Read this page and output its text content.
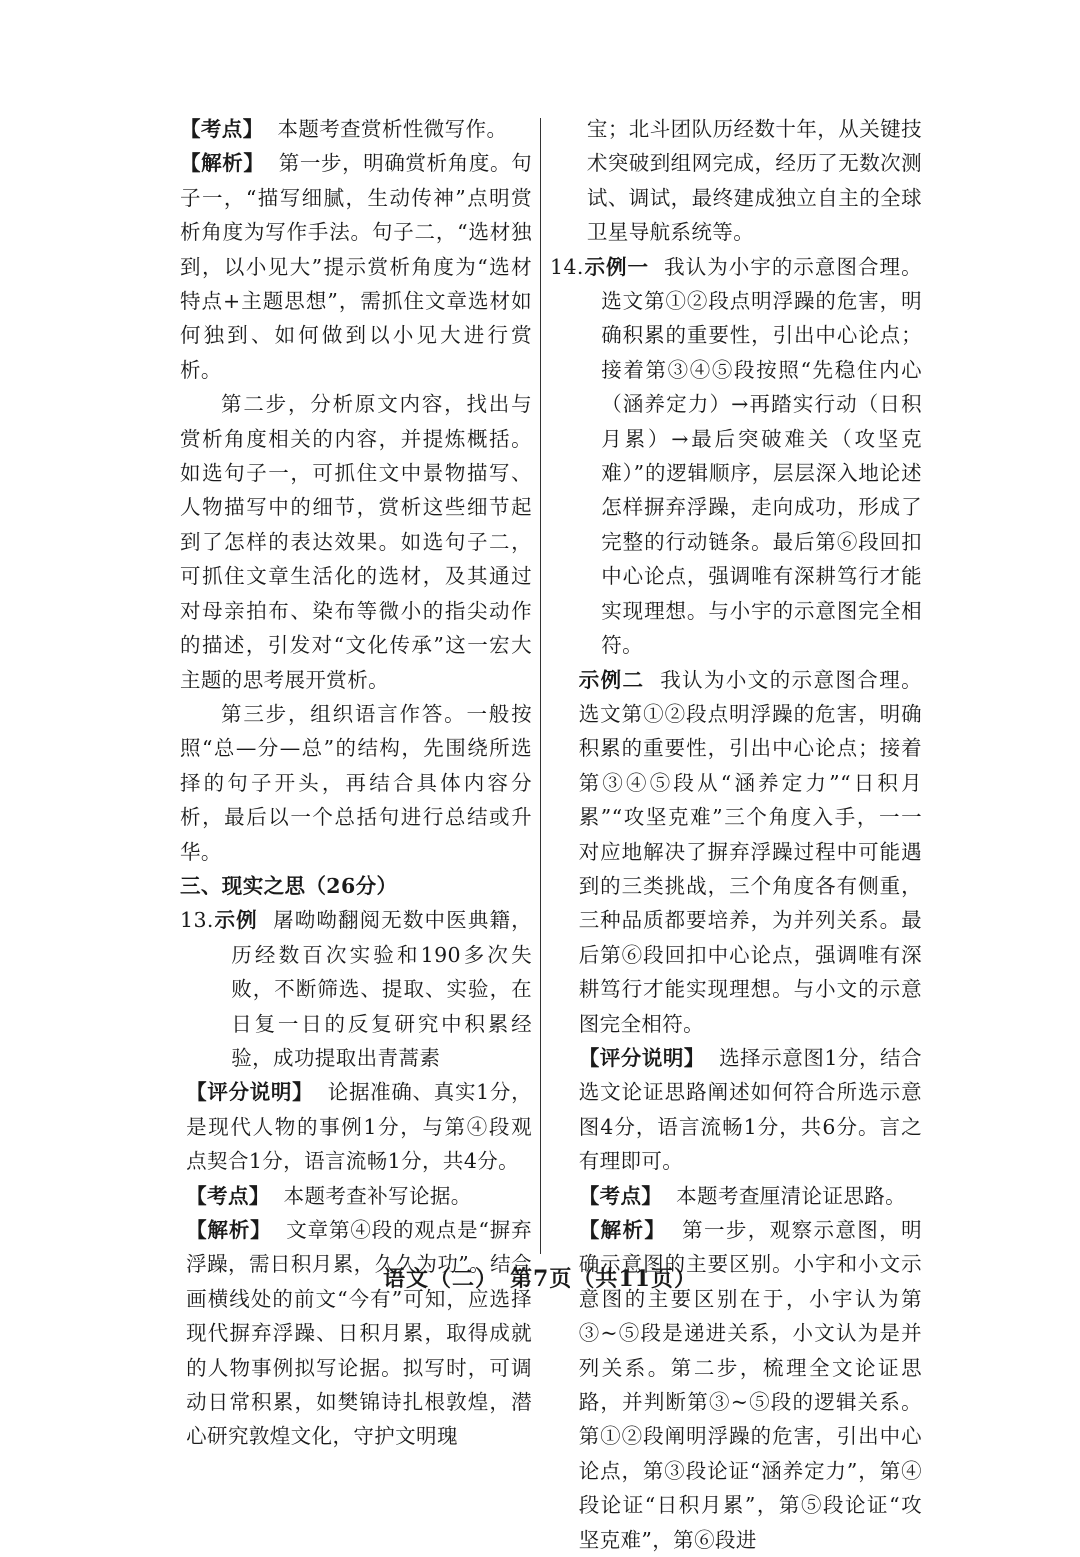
【考点】 本题考查赏析性微写作。

【解析】 第一步，明确赏析角度。句子一，“描写细腻，生动传神”点明赏析角度为写作手法。句子二，“选材独到，以小见大”提示赏析角度为“选材特点+主题思想”，需抓住文章选材如何独到、如何做到以小见大进行赏析。

第二步，分析原文内容，找出与赏析角度相关的内容，并提炼概括。如选句子一，可抓住文中景物描写、人物描写中的细节，赏析这些细节起到了怎样的表达效果。如选句子二，可抓住文章生活化的选材，及其通过对母亲拍布、染布等微小的指尖动作的描述，引发对“文化传承”这一宏大主题的思考展开赏析。

第三步，组织语言作答。一般按照“总—分—总”的结构，先围绕所选择的句子开头，再结合具体内容分析，最后以一个总括句进行总结或升华。

三、现实之思（26分）

13.示例 屠呦呦翻阅无数中医典籍，历经数百次实验和190多次失败，不断筛选、提取、实验，在日复一日的反复研究中积累经验，成功提取出青蒿素

【评分说明】 论据准确、真实1分，是现代人物的事例1分，与第④段观点契合1分，语言流畅1分，共4分。

【考点】 本题考查补写论据。

【解析】 文章第④段的观点是“摒弃浮躁，需日积月累，久久为功”。结合画横线处的前文“今有”可知，应选择现代摒弃浮躁、日积月累，取得成就的人物事例拟写论据。拟写时，可调动日常积累，如樊锦诗扎根敦煌，潜心研究敦煌文化，守护文明瑰

宝；北斗团队历经数十年，从关键技术突破到组网完成，经历了无数次测试、调试，最终建成独立自主的全球卫星导航系统等。

14.示例一 我认为小宇的示意图合理。选文第①②段点明浮躁的危害，明确积累的重要性，引出中心论点；接着第③④⑤段按照“先稳住内心（涵养定力）→再踏实行动（日积月累）→最后突破难关（攻坚克难）”的逻辑顺序，层层深入地论述怎样摒弃浮躁，走向成功，形成了完整的行动链条。最后第⑥段回扣中心论点，强调唯有深耕笃行才能实现理想。与小宇的示意图完全相符。

示例二 我认为小文的示意图合理。选文第①②段点明浮躁的危害，明确积累的重要性，引出中心论点；接着第③④⑤段从“涵养定力”“日积月累”“攻坚克难”三个角度入手，一一对应地解决了摒弃浮躁过程中可能遇到的三类挑战，三个角度各有侧重，三种品质都要培养，为并列关系。最后第⑥段回扣中心论点，强调唯有深耕笃行才能实现理想。与小文的示意图完全相符。

【评分说明】 选择示意图1分，结合选文论证思路阐述如何符合所选示意图4分，语言流畅1分，共6分。言之有理即可。

【考点】 本题考查厘清论证思路。

【解析】 第一步，观察示意图，明确示意图的主要区别。小宇和小文示意图的主要区别在于，小宇认为第③~⑤段是递进关系，小文认为是并列关系。第二步，梳理全文论证思路，并判断第③~⑤段的逻辑关系。第①②段阐明浮躁的危害，引出中心论点，第③段论证“涵养定力”，第④段论证“日积月累”，第⑤段论证“攻坚克难”，第⑥段进

语文（二）　第7页（共11页）
